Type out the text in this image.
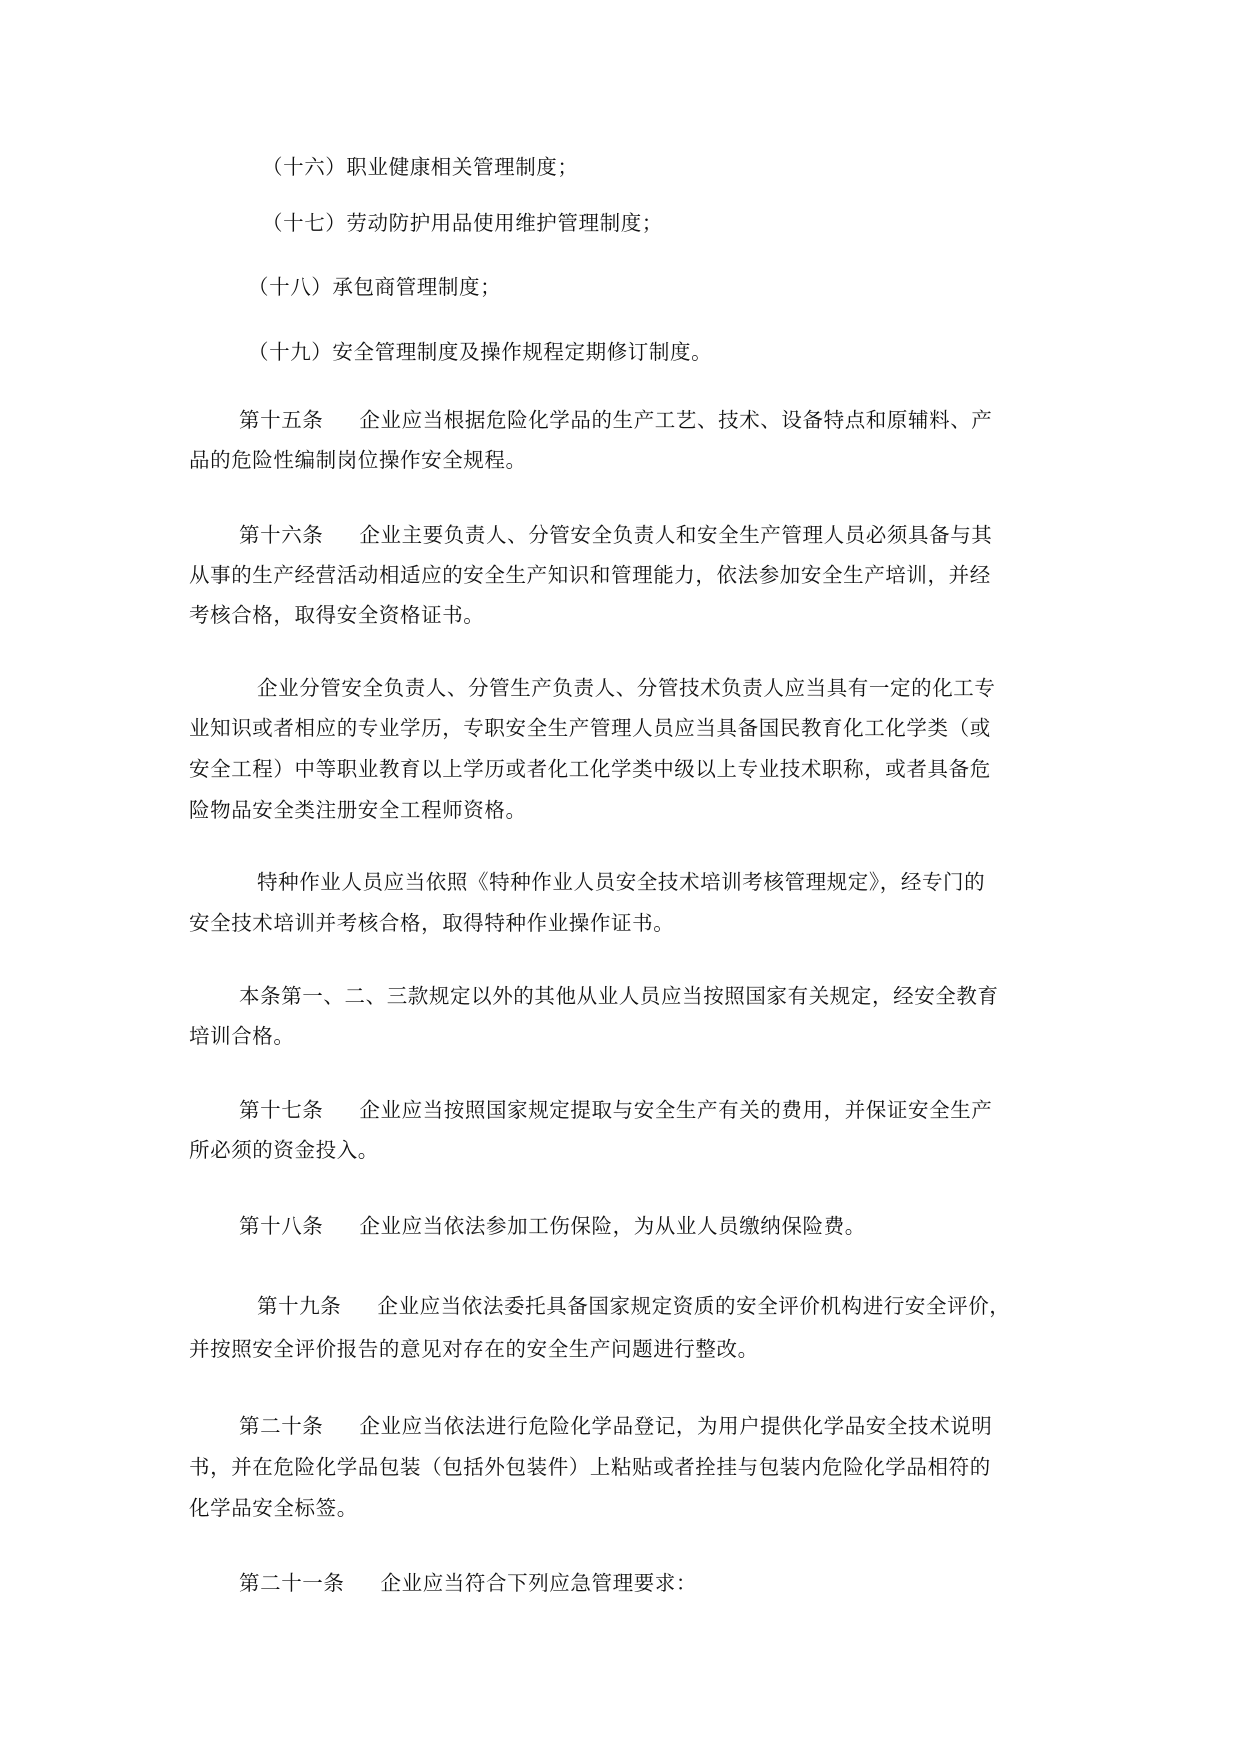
（十六）职业健康相关管理制度；
（十七）劳动防护用品使用维护管理制度；
（十八）承包商管理制度；
（十九）安全管理制度及操作规程定期修订制度。
第十五条 企业应当根据危险化学品的生产工艺、技术、设备特点和原辅料、产
品的危险性编制岗位操作安全规程。
第十六条 企业主要负责人、分管安全负责人和安全生产管理人员必须具备与其
从事的生产经营活动相适应的安全生产知识和管理能力，依法参加安全生产培训，并经
考核合格，取得安全资格证书。
企业分管安全负责人、分管生产负责人、分管技术负责人应当具有一定的化工专
业知识或者相应的专业学历，专职安全生产管理人员应当具备国民教育化工化学类（或
安全工程）中等职业教育以上学历或者化工化学类中级以上专业技术职称，或者具备危
险物品安全类注册安全工程师资格。
特种作业人员应当依照《特种作业人员安全技术培训考核管理规定》，经专门的
安全技术培训并考核合格，取得特种作业操作证书。
本条第一、二、三款规定以外的其他从业人员应当按照国家有关规定，经安全教育
培训合格。
第十七条 企业应当按照国家规定提取与安全生产有关的费用，并保证安全生产
所必须的资金投入。
第十八条 企业应当依法参加工伤保险，为从业人员缴纳保险费。
第十九条 企业应当依法委托具备国家规定资质的安全评价机构进行安全评价，
并按照安全评价报告的意见对存在的安全生产问题进行整改。
第二十条 企业应当依法进行危险化学品登记，为用户提供化学品安全技术说明
书，并在危险化学品包装（包括外包装件）上粘贴或者拴挂与包装内危险化学品相符的
化学品安全标签。
第二十一条 企业应当符合下列应急管理要求：
